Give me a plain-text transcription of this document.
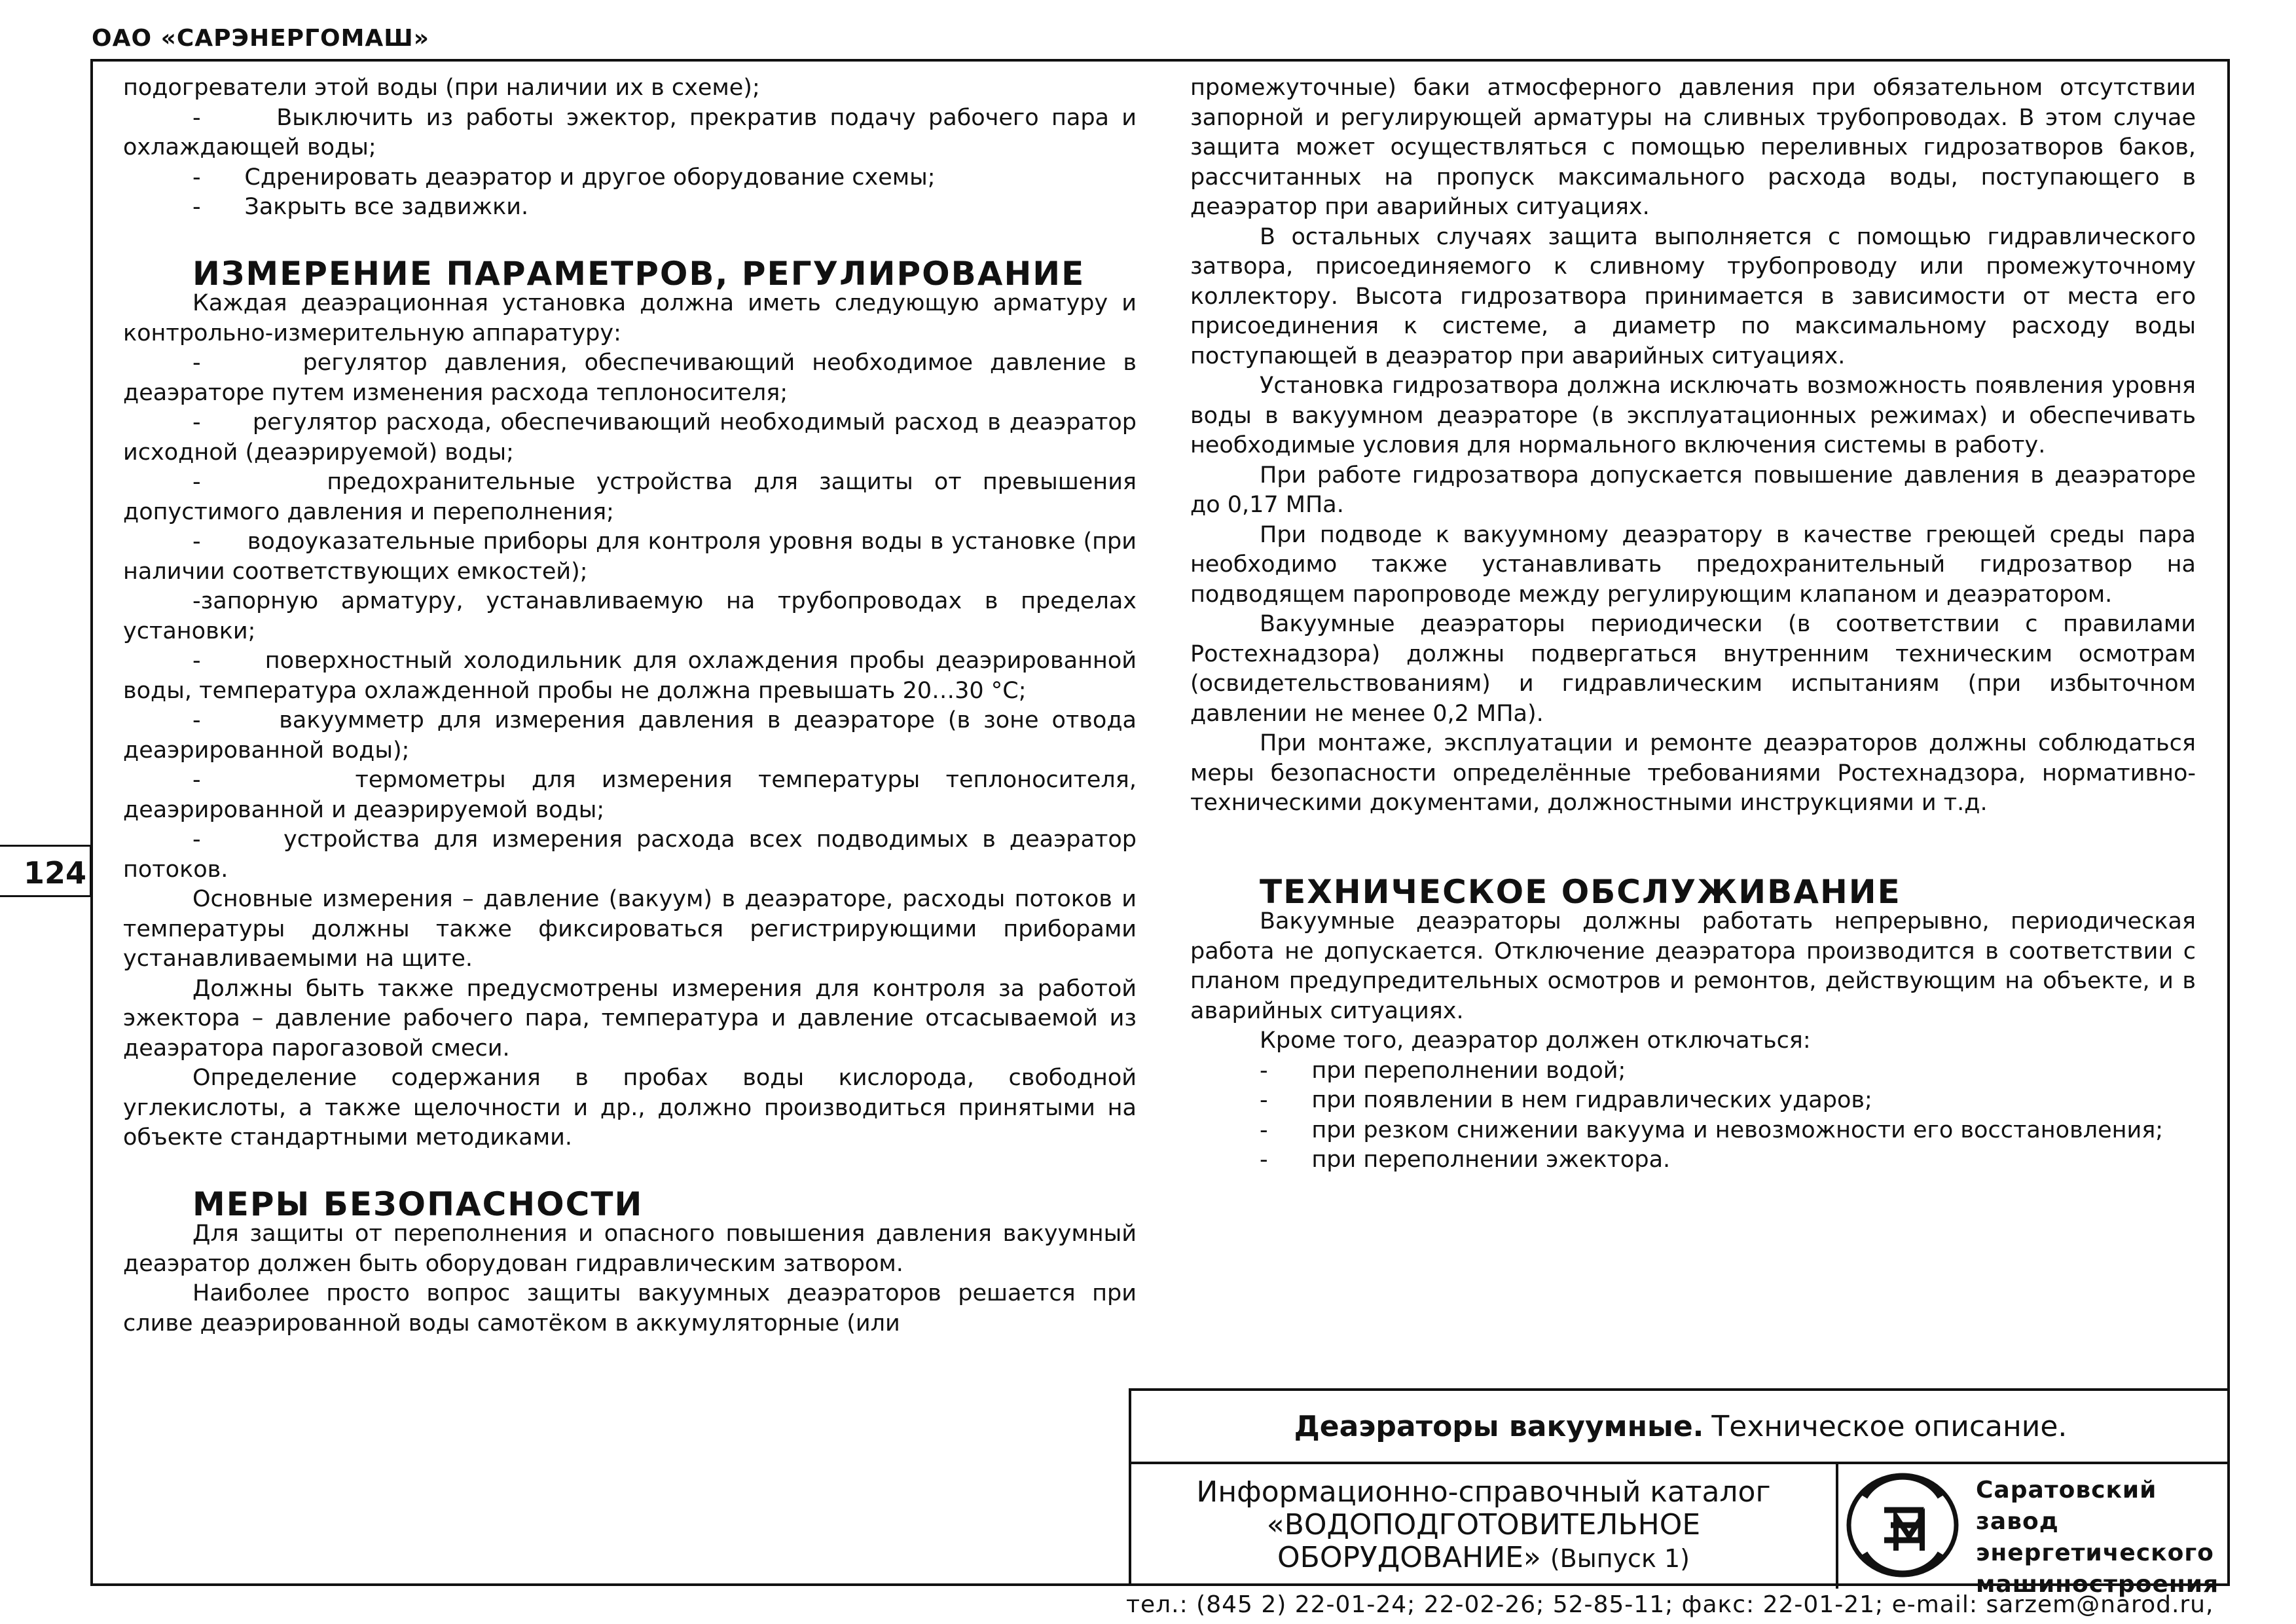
ОАО «САРЭНЕРГОМАШ»
124

подогреватели этой воды (при наличии их в схеме);

-	Выключить из работы эжектор, прекратив подачу рабочего пара и охлаждающей воды;

- Сдренировать деаэратор и другое оборудование схемы;

- Закрыть все задвижки.

ИЗМЕРЕНИЕ ПАРАМЕТРОВ, РЕГУЛИРОВАНИЕ

Каждая деаэрационная установка должна иметь следующую арматуру и контрольно-измерительную аппаратуру:

-	регулятор давления, обеспечивающий необходимое давление в деаэраторе путем изменения расхода теплоносителя;

- регулятор расхода, обеспечивающий необходимый расход в деаэратор исходной (деаэрируемой) воды;

-	предохранительные устройства для защиты от превышения допустимого давления и переполнения;

- водоуказательные приборы для контроля уровня воды в установке (при наличии соответствующих емкостей);

-запорную арматуру, устанавливаемую на трубопроводах в пределах установки;

-	поверхностный холодильник для охлаждения пробы деаэрированной воды, температура охлажденной пробы не должна превышать 20…30 °С;

-	вакуумметр для измерения давления в деаэраторе (в зоне отвода деаэрированной воды);

-	термометры для измерения температуры теплоносителя, деаэрированной и деаэрируемой воды;

-	устройства для измерения расхода всех подводимых в деаэратор потоков.

Основные измерения – давление (вакуум) в деаэраторе, расходы потоков и температуры должны также фиксироваться регистрирующими приборами устанавливаемыми на щите.

Должны быть также предусмотрены измерения для контроля за работой эжектора – давление рабочего пара, температура и давление отсасываемой из деаэратора парогазовой смеси.

Определение содержания в пробах воды кислорода, свободной углекислоты, а также щелочности и др., должно производиться принятыми на объекте стандартными методиками.

МЕРЫ БЕЗОПАСНОСТИ

Для защиты от переполнения и опасного повышения давления вакуумный деаэратор должен быть оборудован гидравлическим затвором.

Наиболее просто вопрос защиты вакуумных деаэраторов решается при сливе деаэрированной воды самотёком в аккумуляторные (или

промежуточные) баки атмосферного давления при обязательном отсутствии запорной и регулирующей арматуры на сливных трубопроводах. В этом случае защита может осуществляться с помощью переливных гидрозатворов баков, рассчитанных на пропуск максимального расхода воды, поступающего в деаэратор при аварийных ситуациях.

В остальных случаях защита выполняется с помощью гидравлического затвора, присоединяемого к сливному трубопроводу или промежуточному коллектору. Высота гидрозатвора принимается в зависимости от места его присоединения к системе, а диаметр по максимальному расходу воды поступающей в деаэратор при аварийных ситуациях.

Установка гидрозатвора должна исключать возможность появления уровня воды в вакуумном деаэраторе (в эксплуатационных режимах) и обеспечивать необходимые условия для нормального включения системы в работу.

При работе гидрозатвора допускается повышение давления в деаэраторе до 0,17 МПа.

При подводе к вакуумному деаэратору в качестве греющей среды пара необходимо также устанавливать предохранительный гидрозатвор на подводящем паропроводе между регулирующим клапаном и деаэратором.

Вакуумные деаэраторы периодически (в соответствии с правилами Ростехнадзора) должны подвергаться внутренним техническим осмотрам (освидетельствованиям) и гидравлическим испытаниям (при избыточном давлении не менее 0,2 МПа).

При монтаже, эксплуатации и ремонте деаэраторов должны соблюдаться меры безопасности определённые требованиями Ростехнадзора, нормативно-техническими документами, должностными инструкциями и т.д.

ТЕХНИЧЕСКОЕ ОБСЛУЖИВАНИЕ

Вакуумные деаэраторы должны работать непрерывно, периодическая работа не допускается. Отключение деаэратора производится в соответствии с планом предупредительных осмотров и ремонтов, действующим на объекте, и в аварийных ситуациях.

Кроме того, деаэратор должен отключаться:

- при переполнении водой;

- при появлении в нем гидравлических ударов;

- при резком снижении вакуума и невозможности его восстановления;

- при переполнении эжектора.

Деаэраторы вакуумные. Техническое описание.
Информационно-справочный каталог
«ВОДОПОДГОТОВИТЕЛЬНОЕ
ОБОРУДОВАНИЕ» (Выпуск 1)
Саратовский завод
энергетического
машиностроения
тел.: (845 2) 22-01-24; 22-02-26; 52-85-11; факс: 22-01-21; e-mail: sarzem@narod.ru,
